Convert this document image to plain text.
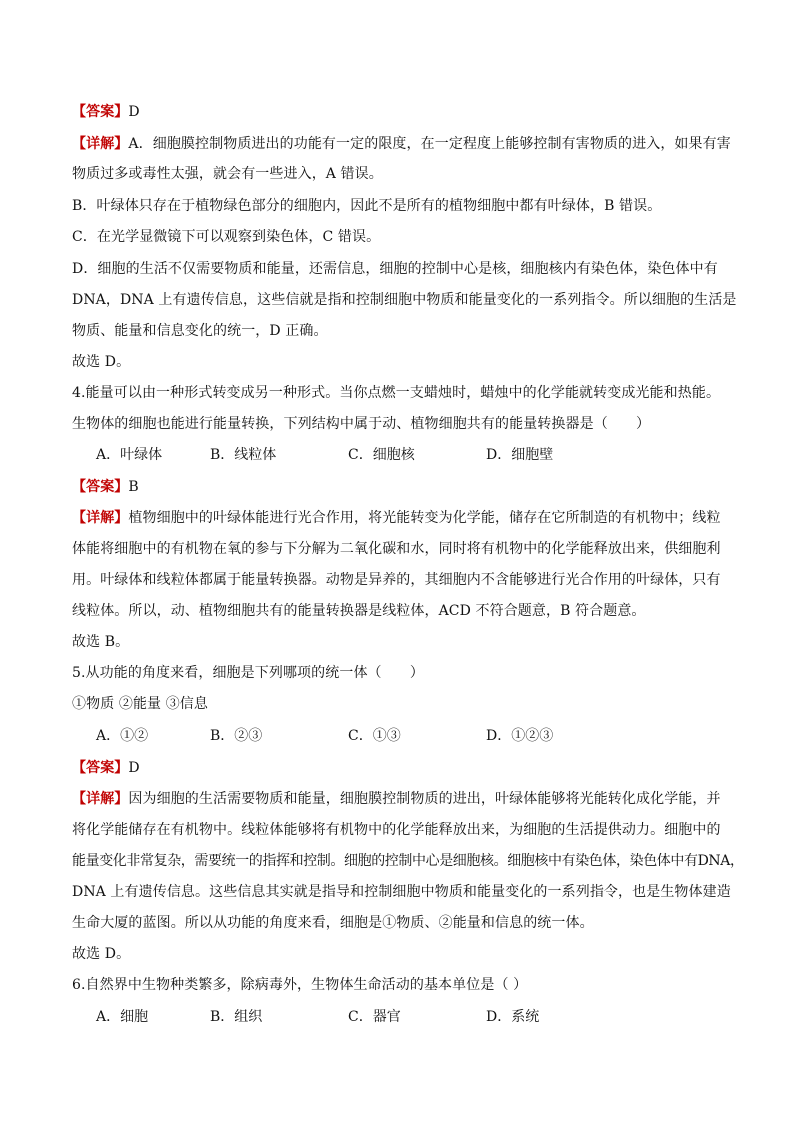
【答案】D
【详解】A．细胞膜控制物质进出的功能有一定的限度，在一定程度上能够控制有害物质的进入，如果有害
物质过多或毒性太强，就会有一些进入，A 错误。
B．叶绿体只存在于植物绿色部分的细胞内，因此不是所有的植物细胞中都有叶绿体，B 错误。
C．在光学显微镜下可以观察到染色体，C 错误。
D．细胞的生活不仅需要物质和能量，还需信息，细胞的控制中心是核，细胞核内有染色体，染色体中有
DNA，DNA 上有遗传信息，这些信就是指和控制细胞中物质和能量变化的一系列指令。所以细胞的生活是
物质、能量和信息变化的统一，D 正确。
故选 D。
4.能量可以由一种形式转变成另一种形式。当你点燃一支蜡烛时，蜡烛中的化学能就转变成光能和热能。
生物体的细胞也能进行能量转换，下列结构中属于动、植物细胞共有的能量转换器是（　　）
A．叶绿体	B．线粒体	C．细胞核	D．细胞壁
【答案】B
【详解】植物细胞中的叶绿体能进行光合作用，将光能转变为化学能，储存在它所制造的有机物中；线粒
体能将细胞中的有机物在氧的参与下分解为二氧化碳和水，同时将有机物中的化学能释放出来，供细胞利
用。叶绿体和线粒体都属于能量转换器。动物是异养的，其细胞内不含能够进行光合作用的叶绿体，只有
线粒体。所以，动、植物细胞共有的能量转换器是线粒体，ACD 不符合题意，B 符合题意。
故选 B。
5.从功能的角度来看，细胞是下列哪项的统一体（　　）
①物质 ②能量 ③信息
A．①②	B．②③	C．①③	D．①②③
【答案】D
【详解】因为细胞的生活需要物质和能量，细胞膜控制物质的进出，叶绿体能够将光能转化成化学能，并
将化学能储存在有机物中。线粒体能够将有机物中的化学能释放出来，为细胞的生活提供动力。细胞中的
能量变化非常复杂，需要统一的指挥和控制。细胞的控制中心是细胞核。细胞核中有染色体，染色体中有DNA，
DNA 上有遗传信息。这些信息其实就是指导和控制细胞中物质和能量变化的一系列指令，也是生物体建造
生命大厦的蓝图。所以从功能的角度来看，细胞是①物质、②能量和信息的统一体。
故选 D。
6.自然界中生物种类繁多，除病毒外，生物体生命活动的基本单位是（ ）
A．细胞	B．组织	C．器官	D．系统
